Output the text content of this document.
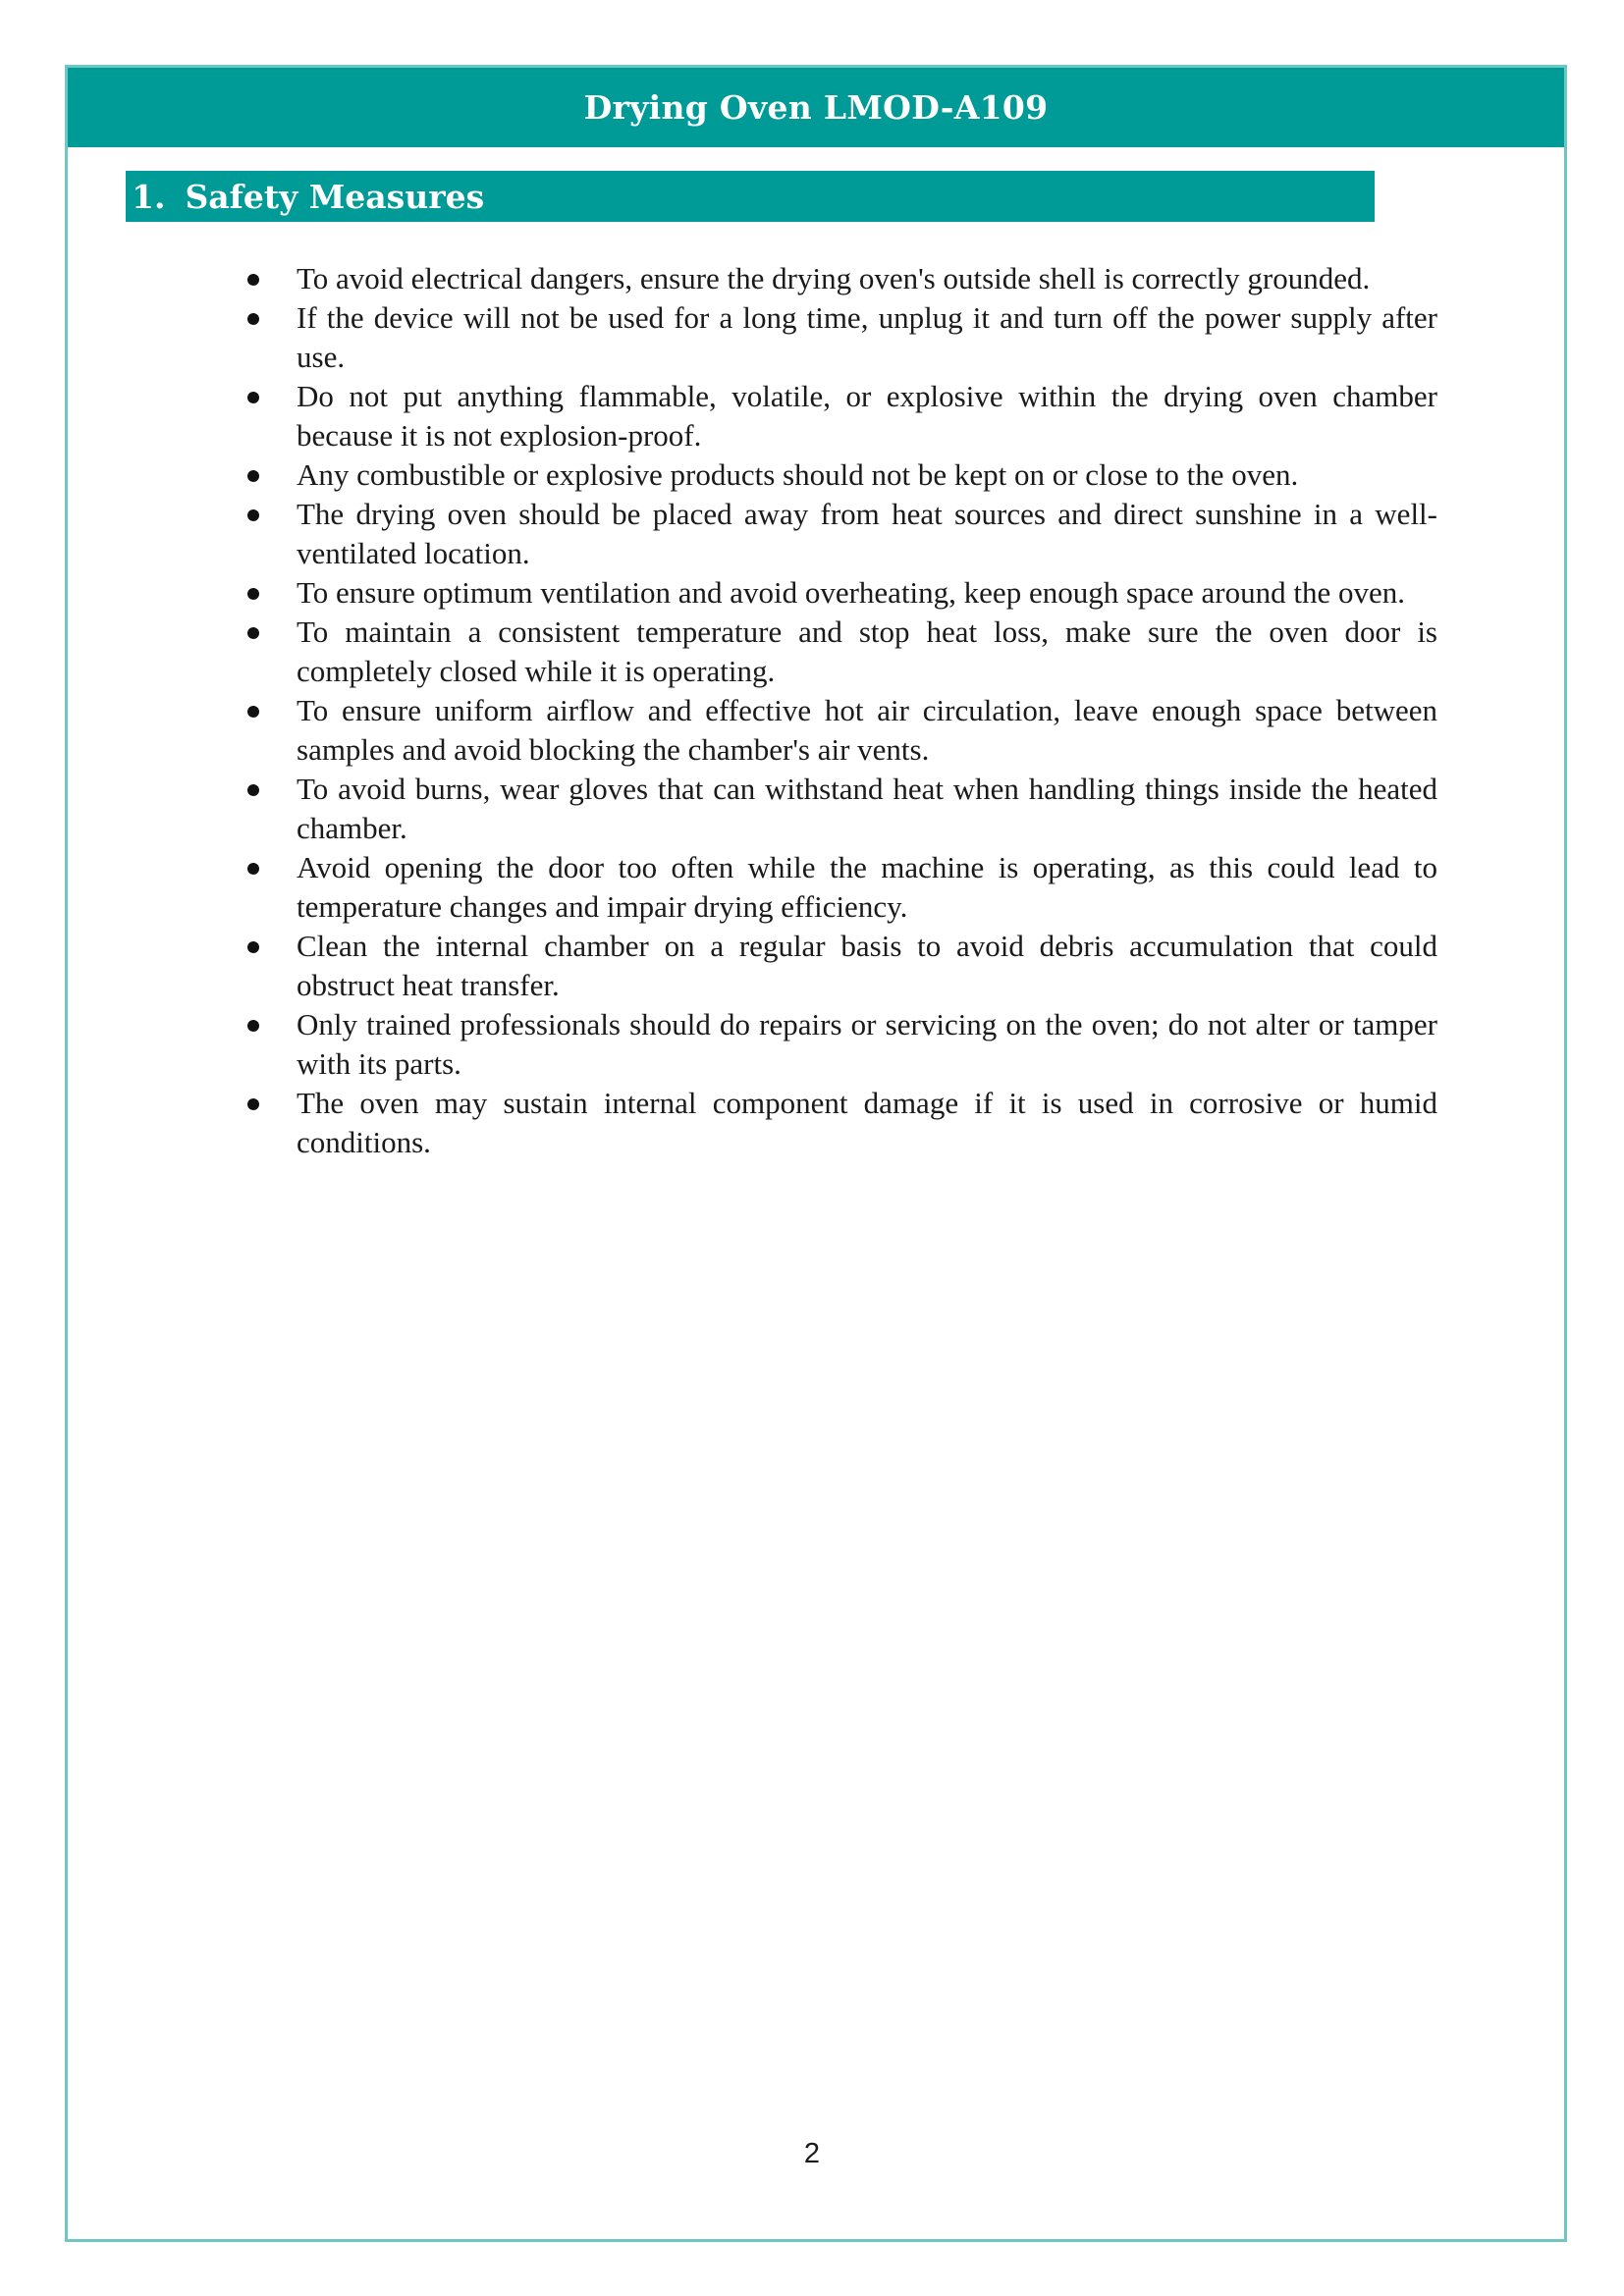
Drying Oven LMOD-A109
1. Safety Measures
To avoid electrical dangers, ensure the drying oven's outside shell is correctly grounded.
If the device will not be used for a long time, unplug it and turn off the power supply after use.
Do not put anything flammable, volatile, or explosive within the drying oven chamber because it is not explosion-proof.
Any combustible or explosive products should not be kept on or close to the oven.
The drying oven should be placed away from heat sources and direct sunshine in a well-ventilated location.
To ensure optimum ventilation and avoid overheating, keep enough space around the oven.
To maintain a consistent temperature and stop heat loss, make sure the oven door is completely closed while it is operating.
To ensure uniform airflow and effective hot air circulation, leave enough space between samples and avoid blocking the chamber's air vents.
To avoid burns, wear gloves that can withstand heat when handling things inside the heated chamber.
Avoid opening the door too often while the machine is operating, as this could lead to temperature changes and impair drying efficiency.
Clean the internal chamber on a regular basis to avoid debris accumulation that could obstruct heat transfer.
Only trained professionals should do repairs or servicing on the oven; do not alter or tamper with its parts.
The oven may sustain internal component damage if it is used in corrosive or humid conditions.
2
